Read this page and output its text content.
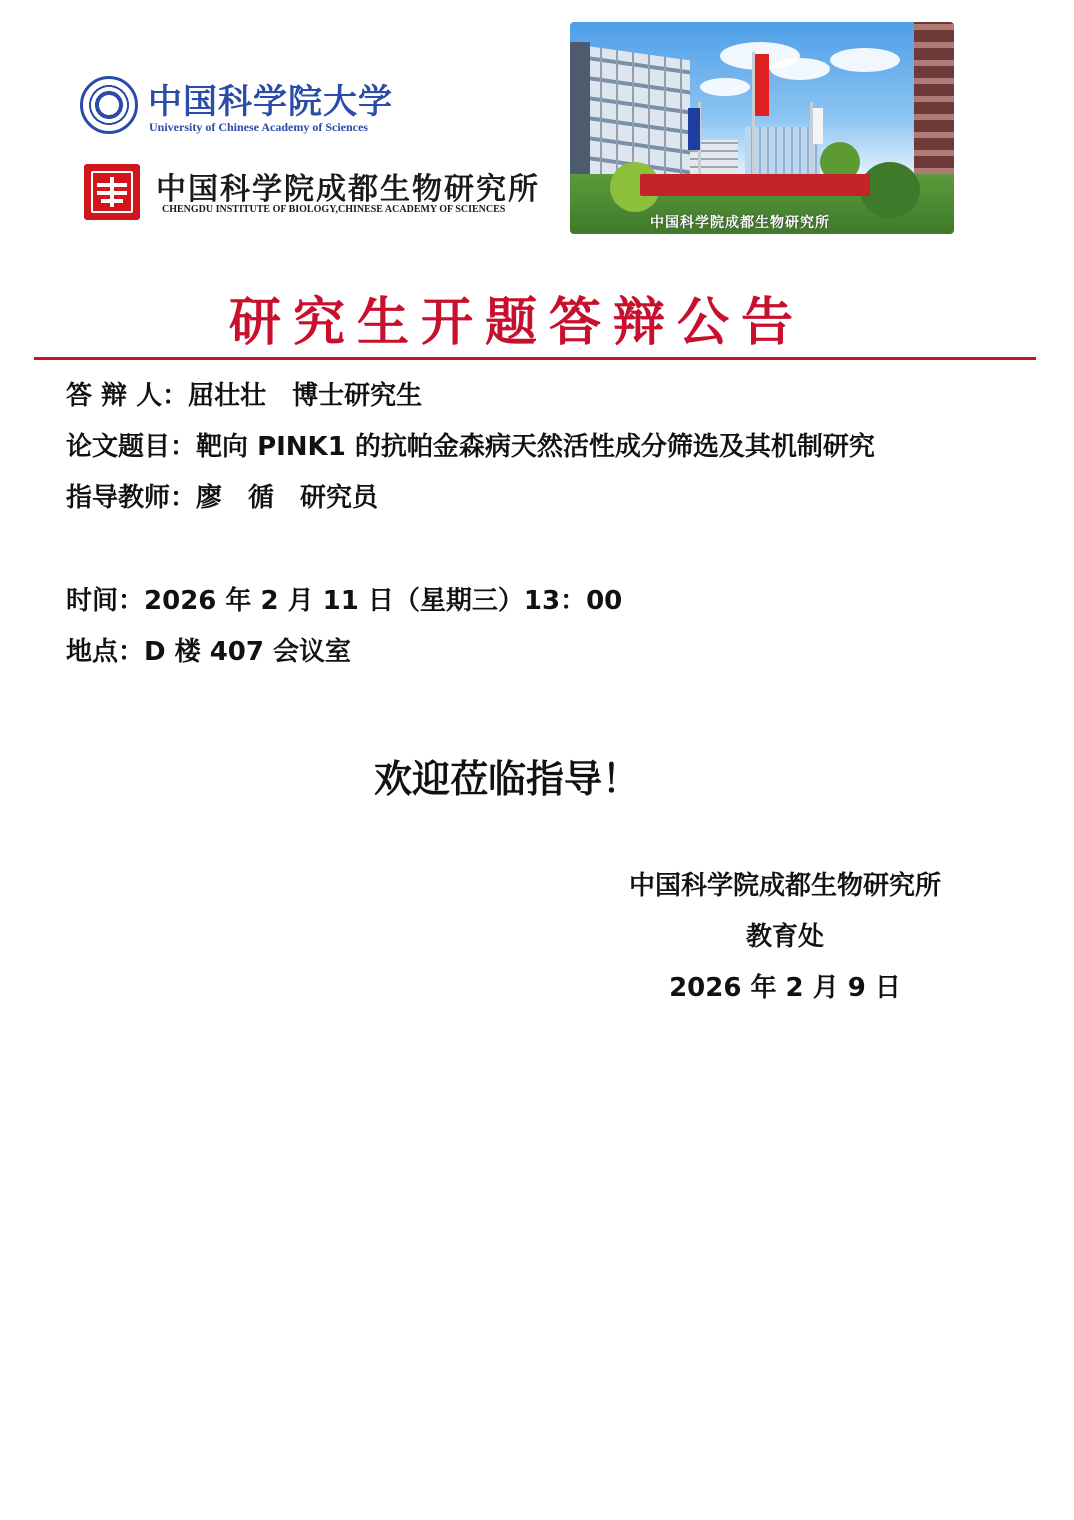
中国科学院大学
University of Chinese Academy of Sciences
中国科学院成都生物研究所
CHENGDU INSTITUTE OF BIOLOGY,CHINESE ACADEMY OF SCIENCES
中国科学院成都生物研究所
研究生开题答辩公告
答 辩 人：屈壮壮　博士研究生
论文题目：靶向 PINK1 的抗帕金森病天然活性成分筛选及其机制研究
指导教师：廖　循　研究员
时间：2026 年 2 月 11 日（星期三）13：00
地点：D 楼 407 会议室
欢迎莅临指导！
中国科学院成都生物研究所
教育处
2026 年 2 月 9 日
